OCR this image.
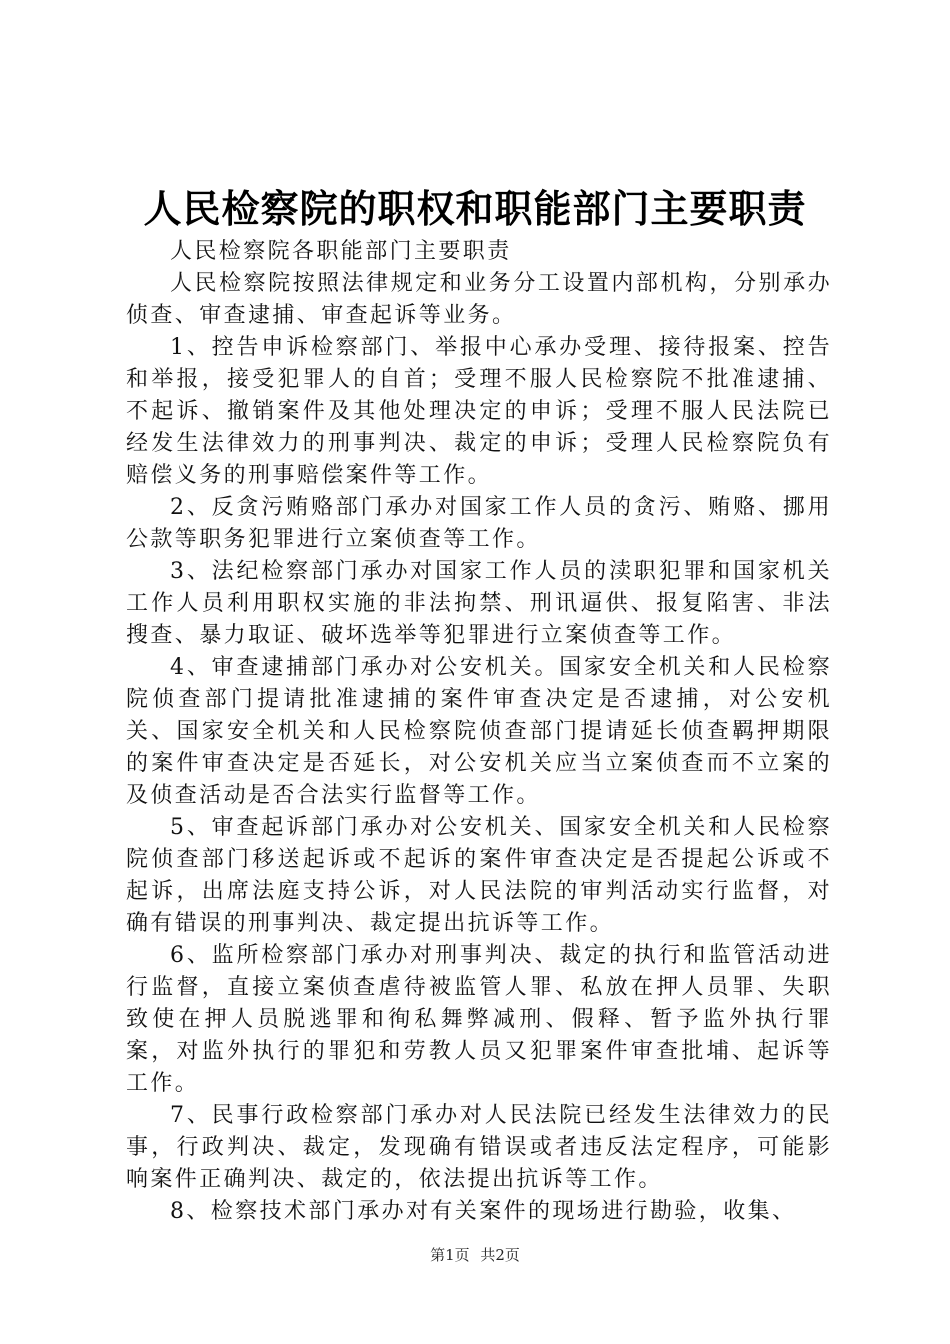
人民检察院的职权和职能部门主要职责

人民检察院各职能部门主要职责

人民检察院按照法律规定和业务分工设置内部机构，分别承办侦查、审查逮捕、审查起诉等业务。

1、控告申诉检察部门、举报中心承办受理、接待报案、控告和举报，接受犯罪人的自首；受理不服人民检察院不批准逮捕、不起诉、撤销案件及其他处理决定的申诉；受理不服人民法院已经发生法律效力的刑事判决、裁定的申诉；受理人民检察院负有赔偿义务的刑事赔偿案件等工作。

2、反贪污贿赂部门承办对国家工作人员的贪污、贿赂、挪用公款等职务犯罪进行立案侦查等工作。

3、法纪检察部门承办对国家工作人员的渎职犯罪和国家机关工作人员利用职权实施的非法拘禁、刑讯逼供、报复陷害、非法搜查、暴力取证、破坏选举等犯罪进行立案侦查等工作。

4、审查逮捕部门承办对公安机关。国家安全机关和人民检察院侦查部门提请批准逮捕的案件审查决定是否逮捕，对公安机关、国家安全机关和人民检察院侦查部门提请延长侦查羁押期限的案件审查决定是否延长，对公安机关应当立案侦查而不立案的及侦查活动是否合法实行监督等工作。

5、审查起诉部门承办对公安机关、国家安全机关和人民检察院侦查部门移送起诉或不起诉的案件审查决定是否提起公诉或不起诉，出席法庭支持公诉，对人民法院的审判活动实行监督，对确有错误的刑事判决、裁定提出抗诉等工作。

6、监所检察部门承办对刑事判决、裁定的执行和监管活动进行监督，直接立案侦查虐待被监管人罪、私放在押人员罪、失职致使在押人员脱逃罪和徇私舞弊减刑、假释、暂予监外执行罪案，对监外执行的罪犯和劳教人员又犯罪案件审查批埔、起诉等工作。

7、民事行政检察部门承办对人民法院已经发生法律效力的民事，行政判决、裁定，发现确有错误或者违反法定程序，可能影响案件正确判决、裁定的，依法提出抗诉等工作。

8、检察技术部门承办对有关案件的现场进行勘验，收集、

第1页 共2页
